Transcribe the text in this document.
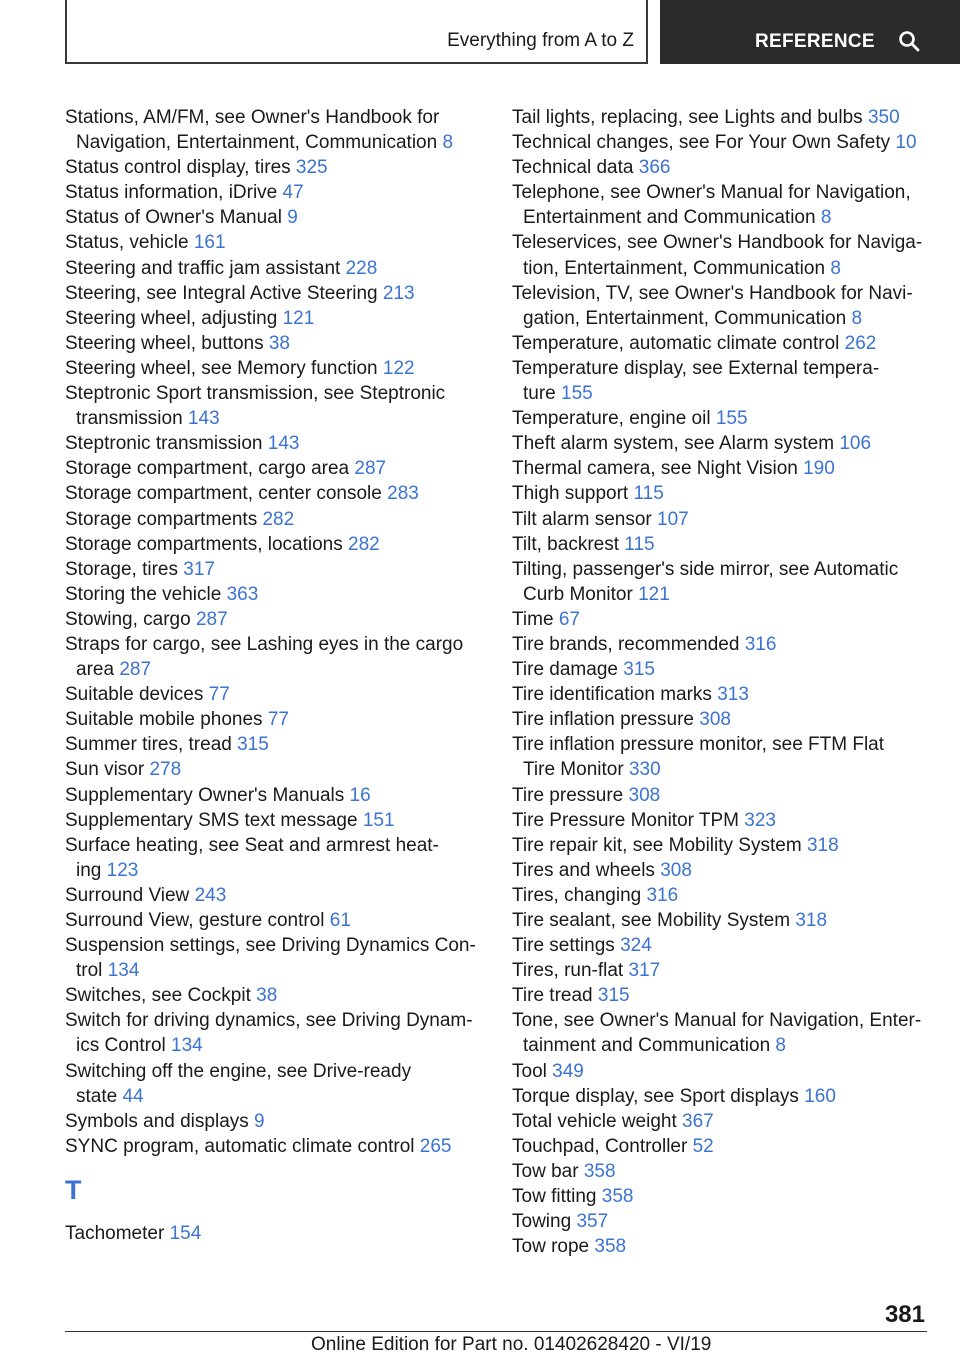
Everything from A to Z	REFERENCE
Stations, AM/FM, see Owner's Handbook for
Navigation, Entertainment, Communication 8
Status control display, tires 325
Status information, iDrive 47
Status of Owner's Manual 9
Status, vehicle 161
Steering and traffic jam assistant 228
Steering, see Integral Active Steering 213
Steering wheel, adjusting 121
Steering wheel, buttons 38
Steering wheel, see Memory function 122
Steptronic Sport transmission, see Steptronic
transmission 143
Steptronic transmission 143
Storage compartment, cargo area 287
Storage compartment, center console 283
Storage compartments 282
Storage compartments, locations 282
Storage, tires 317
Storing the vehicle 363
Stowing, cargo 287
Straps for cargo, see Lashing eyes in the cargo
area 287
Suitable devices 77
Suitable mobile phones 77
Summer tires, tread 315
Sun visor 278
Supplementary Owner's Manuals 16
Supplementary SMS text message 151
Surface heating, see Seat and armrest heat-
ing 123
Surround View 243
Surround View, gesture control 61
Suspension settings, see Driving Dynamics Con-
trol 134
Switches, see Cockpit 38
Switch for driving dynamics, see Driving Dynam-
ics Control 134
Switching off the engine, see Drive-ready
state 44
Symbols and displays 9
SYNC program, automatic climate control 265
T
Tachometer 154
Tail lights, replacing, see Lights and bulbs 350
Technical changes, see For Your Own Safety 10
Technical data 366
Telephone, see Owner's Manual for Navigation,
Entertainment and Communication 8
Teleservices, see Owner's Handbook for Naviga-
tion, Entertainment, Communication 8
Television, TV, see Owner's Handbook for Navi-
gation, Entertainment, Communication 8
Temperature, automatic climate control 262
Temperature display, see External tempera-
ture 155
Temperature, engine oil 155
Theft alarm system, see Alarm system 106
Thermal camera, see Night Vision 190
Thigh support 115
Tilt alarm sensor 107
Tilt, backrest 115
Tilting, passenger's side mirror, see Automatic
Curb Monitor 121
Time 67
Tire brands, recommended 316
Tire damage 315
Tire identification marks 313
Tire inflation pressure 308
Tire inflation pressure monitor, see FTM Flat
Tire Monitor 330
Tire pressure 308
Tire Pressure Monitor TPM 323
Tire repair kit, see Mobility System 318
Tires and wheels 308
Tires, changing 316
Tire sealant, see Mobility System 318
Tire settings 324
Tires, run-flat 317
Tire tread 315
Tone, see Owner's Manual for Navigation, Enter-
tainment and Communication 8
Tool 349
Torque display, see Sport displays 160
Total vehicle weight 367
Touchpad, Controller 52
Tow bar 358
Tow fitting 358
Towing 357
Tow rope 358
381
Online Edition for Part no. 01402628420 - VI/19
